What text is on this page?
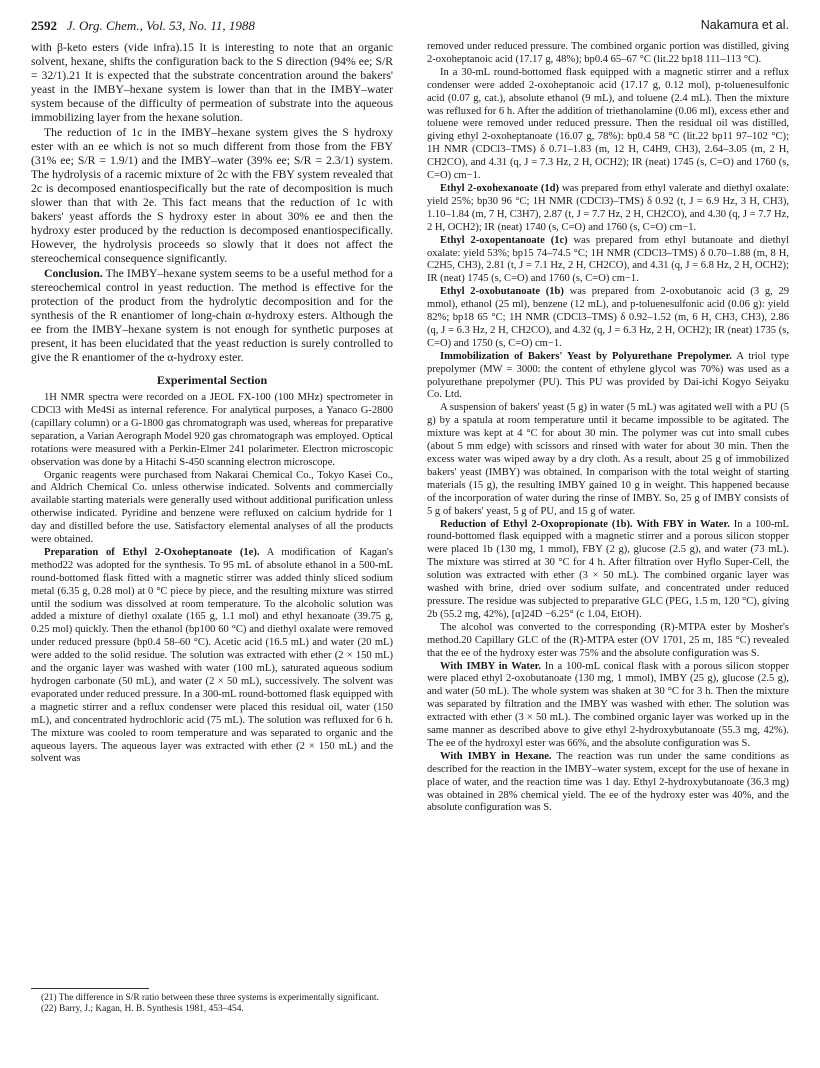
2592 J. Org. Chem., Vol. 53, No. 11, 1988	Nakamura et al.

with β-keto esters (vide infra).15 It is interesting to note that an organic solvent, hexane, shifts the configuration back to the S direction (94% ee; S/R = 32/1).21 It is expected that the substrate concentration around the bakers' yeast in the IMBY–hexane system is lower than that in the IMBY–water system because of the difficulty of permeation of substrate into the aqueous immobilizing layer from the hexane solution.

The reduction of 1c in the IMBY–hexane system gives the S hydroxy ester with an ee which is not so much different from those from the FBY (31% ee; S/R = 1.9/1) and the IMBY–water (39% ee; S/R = 2.3/1) system. The hydrolysis of a racemic mixture of 2c with the FBY system revealed that 2c is decomposed enantiospecifically but the rate of decomposition is much slower than that with 2e. This fact means that the reduction of 1c with bakers' yeast affords the S hydroxy ester in about 30% ee and then the hydroxy ester produced by the reduction is decomposed enantiospecifically. However, the hydrolysis proceeds so slowly that it does not affect the stereochemical consequence significantly.

Conclusion. The IMBY–hexane system seems to be a useful method for a stereochemical control in yeast reduction. The method is effective for the protection of the product from the hydrolytic decomposition and for the synthesis of the R enantiomer of long-chain α-hydroxy esters. Although the ee from the IMBY–hexane system is not enough for synthetic purposes at present, it has been elucidated that the yeast reduction is surely controlled to give the R enantiomer of the α-hydroxy ester.

Experimental Section

1H NMR spectra were recorded on a JEOL FX-100 (100 MHz) spectrometer in CDCl3 with Me4Si as internal reference. For analytical purposes, a Yanaco G-2800 (capillary column) or a G-1800 gas chromatograph was used, whereas for preparative separation, a Varian Aerograph Model 920 gas chromatograph was employed. Optical rotations were measured with a Perkin-Elmer 241 polarimeter. Electron microscopic observation was done by a Hitachi S-450 scanning electron microscope.

Organic reagents were purchased from Nakarai Chemical Co., Tokyo Kasei Co., and Aldrich Chemical Co. unless otherwise indicated. Solvents and commercially available starting materials were generally used without additional purification unless otherwise indicated. Pyridine and benzene were refluxed on calcium hydride for 1 day and distilled before the use. Satisfactory elemental analyses of all the products were obtained.

Preparation of Ethyl 2-Oxoheptanoate (1e). A modification of Kagan's method22 was adopted for the synthesis. To 95 mL of absolute ethanol in a 500-mL round-bottomed flask fitted with a magnetic stirrer was added thinly sliced sodium metal (6.35 g, 0.28 mol) at 0 °C piece by piece, and the resulting mixture was stirred until the sodium was dissolved at room temperature. To the alcoholic solution was added a mixture of diethyl oxalate (165 g, 1.1 mol) and ethyl hexanoate (39.75 g, 0.25 mol) quickly. Then the ethanol (bp100 60 °C) and diethyl oxalate were removed under reduced pressure (bp0.4 58–60 °C). Acetic acid (16.5 mL) and water (20 mL) were added to the solid residue. The solution was extracted with ether (2 × 150 mL) and the organic layer was washed with water (100 mL), saturated aqueous sodium hydrogen carbonate (50 mL), and water (2 × 50 mL), successively. The solvent was evaporated under reduced pressure. In a 300-mL round-bottomed flask equipped with a magnetic stirrer and a reflux condenser were placed this residual oil, water (150 mL), and concentrated hydrochloric acid (75 mL). The solution was refluxed for 6 h. The mixture was cooled to room temperature and was separated to organic and the aqueous layers. The aqueous layer was extracted with ether (2 × 150 mL) and the solvent was

(21) The difference in S/R ratio between these three systems is experimentally significant.

(22) Barry, J.; Kagan, H. B. Synthesis 1981, 453–454.

removed under reduced pressure. The combined organic portion was distilled, giving 2-oxoheptanoic acid (17.17 g, 48%); bp0.4 65–67 °C (lit.22 bp18 111–113 °C).

In a 30-mL round-bottomed flask equipped with a magnetic stirrer and a reflux condenser were added 2-oxoheptanoic acid (17.17 g, 0.12 mol), p-toluenesulfonic acid (0.07 g, cat.), absolute ethanol (9 mL), and toluene (2.4 mL). Then the mixture was refluxed for 6 h. After the addition of triethanolamine (0.06 ml), excess ether and toluene were removed under reduced pressure. Then the residual oil was distilled, giving ethyl 2-oxoheptanoate (16.07 g, 78%): bp0.4 58 °C (lit.22 bp11 97–102 °C); 1H NMR (CDCl3–TMS) δ 0.71–1.83 (m, 12 H, C4H9, CH3), 2.64–3.05 (m, 2 H, CH2CO), and 4.31 (q, J = 7.3 Hz, 2 H, OCH2); IR (neat) 1745 (s, C=O) and 1760 (s, C=O) cm−1.

Ethyl 2-oxohexanoate (1d) was prepared from ethyl valerate and diethyl oxalate: yield 25%; bp30 96 °C; 1H NMR (CDCl3)–TMS) δ 0.92 (t, J = 6.9 Hz, 3 H, CH3), 1.10–1.84 (m, 7 H, C3H7), 2.87 (t, J = 7.7 Hz, 2 H, CH2CO), and 4.30 (q, J = 7.7 Hz, 2 H, OCH2); IR (neat) 1740 (s, C=O) and 1760 (s, C=O) cm−1.

Ethyl 2-oxopentanoate (1c) was prepared from ethyl butanoate and diethyl oxalate: yield 53%; bp15 74–74.5 °C; 1H NMR (CDCl3–TMS) δ 0.70–1.88 (m, 8 H, C2H5, CH3), 2.81 (t, J = 7.1 Hz, 2 H, CH2CO), and 4.31 (q, J = 6.8 Hz, 2 H, OCH2); IR (neat) 1745 (s, C=O) and 1760 (s, C=O) cm−1.

Ethyl 2-oxobutanoate (1b) was prepared from 2-oxobutanoic acid (3 g, 29 mmol), ethanol (25 ml), benzene (12 mL), and p-toluenesulfonic acid (0.06 g): yield 82%; bp18 65 °C; 1H NMR (CDCl3–TMS) δ 0.92–1.52 (m, 6 H, CH3, CH3), 2.86 (q, J = 6.3 Hz, 2 H, CH2CO), and 4.32 (q, J = 6.3 Hz, 2 H, OCH2); IR (neat) 1735 (s, C=O) and 1750 (s, C=O) cm−1.

Immobilization of Bakers' Yeast by Polyurethane Prepolymer. A triol type prepolymer (MW = 3000: the content of ethylene glycol was 70%) was used as a polyurethane prepolymer (PU). This PU was provided by Dai-ichi Kogyo Seiyaku Co. Ltd.

A suspension of bakers' yeast (5 g) in water (5 mL) was agitated well with a PU (5 g) by a spatula at room temperature until it became impossible to be agitated. The mixture was kept at 4 °C for about 30 min. The polymer was cut into small cubes (about 5 mm edge) with scissors and rinsed with water for about 30 min. Then the excess water was wiped away by a dry cloth. As a result, about 25 g of immobilized bakers' yeast (IMBY) was obtained. In comparison with the total weight of starting materials (15 g), the resulting IMBY gained 10 g in weight. This happened because of the incorporation of water during the rinse of IMBY. So, 25 g of IMBY consists of 5 g of bakers' yeast, 5 g of PU, and 15 g of water.

Reduction of Ethyl 2-Oxopropionate (1b). With FBY in Water. In a 100-mL round-bottomed flask equipped with a magnetic stirrer and a porous silicon stopper were placed 1b (130 mg, 1 mmol), FBY (2 g), glucose (2.5 g), and water (73 mL). The mixture was stirred at 30 °C for 4 h. After filtration over Hyflo Super-Cell, the solution was extracted with ether (3 × 50 mL). The combined organic layer was washed with brine, dried over sodium sulfate, and concentrated under reduced pressure. The residue was subjected to preparative GLC (PEG, 1.5 m, 120 °C), giving 2b (55.2 mg, 42%), [α]24D −6.25° (c 1.04, EtOH).

The alcohol was converted to the corresponding (R)-MTPA ester by Mosher's method.20 Capillary GLC of the (R)-MTPA ester (OV 1701, 25 m, 185 °C) revealed that the ee of the hydroxy ester was 75% and the absolute configuration was S.

With IMBY in Water. In a 100-mL conical flask with a porous silicon stopper were placed ethyl 2-oxobutanoate (130 mg, 1 mmol), IMBY (25 g), glucose (2.5 g), and water (50 mL). The whole system was shaken at 30 °C for 3 h. Then the mixture was separated by filtration and the IMBY was washed with ether. The solution was extracted with ether (3 × 50 mL). The combined organic layer was worked up in the same manner as described above to give ethyl 2-hydroxybutanoate (55.3 mg, 42%). The ee of the hydroxyl ester was 66%, and the absolute configuration was S.

With IMBY in Hexane. The reaction was run under the same conditions as described for the reaction in the IMBY–water system, except for the use of hexane in place of water, and the reaction time was 1 day. Ethyl 2-hydroxybutanoate (36.3 mg) was obtained in 28% chemical yield. The ee of the hydroxy ester was 40%, and the absolute configuration was S.
